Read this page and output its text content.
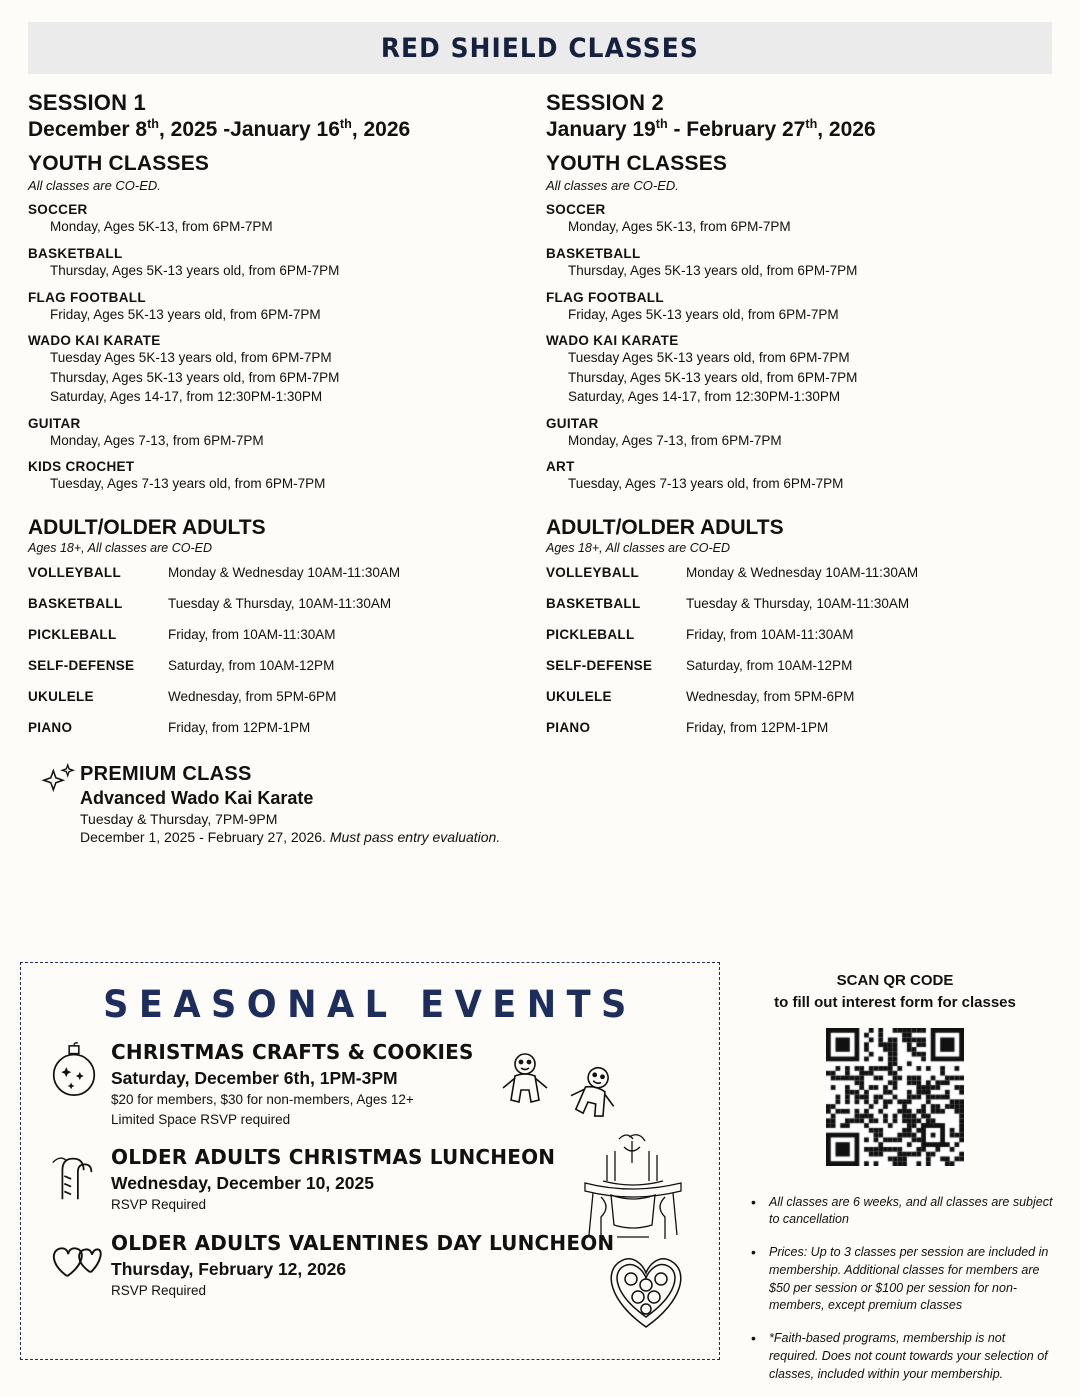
RED SHIELD CLASSES
SESSION 1
December 8th, 2025 -January 16th, 2026
YOUTH CLASSES
All classes are CO-ED.
SOCCER
Monday, Ages 5K-13, from 6PM-7PM
BASKETBALL
Thursday, Ages 5K-13 years old, from 6PM-7PM
FLAG FOOTBALL
Friday, Ages 5K-13 years old, from 6PM-7PM
WADO KAI KARATE
Tuesday Ages 5K-13 years old, from 6PM-7PM
Thursday, Ages 5K-13 years old, from 6PM-7PM
Saturday, Ages 14-17, from 12:30PM-1:30PM
GUITAR
Monday, Ages 7-13, from 6PM-7PM
KIDS CROCHET
Tuesday, Ages 7-13 years old, from 6PM-7PM
ADULT/OLDER ADULTS
Ages 18+, All classes are CO-ED
VOLLEYBALL	Monday & Wednesday 10AM-11:30AM
BASKETBALL	Tuesday & Thursday, 10AM-11:30AM
PICKLEBALL	Friday, from 10AM-11:30AM
SELF-DEFENSE	Saturday, from 10AM-12PM
UKULELE	Wednesday, from 5PM-6PM
PIANO	Friday, from 12PM-1PM
SESSION 2
January 19th - February 27th, 2026
YOUTH CLASSES
All classes are CO-ED.
SOCCER
Monday, Ages 5K-13, from 6PM-7PM
BASKETBALL
Thursday, Ages 5K-13 years old, from 6PM-7PM
FLAG FOOTBALL
Friday, Ages 5K-13 years old, from 6PM-7PM
WADO KAI KARATE
Tuesday Ages 5K-13 years old, from 6PM-7PM
Thursday, Ages 5K-13 years old, from 6PM-7PM
Saturday, Ages 14-17, from 12:30PM-1:30PM
GUITAR
Monday, Ages 7-13, from 6PM-7PM
ART
Tuesday, Ages 7-13 years old, from 6PM-7PM
ADULT/OLDER ADULTS
Ages 18+, All classes are CO-ED
VOLLEYBALL	Monday & Wednesday 10AM-11:30AM
BASKETBALL	Tuesday & Thursday, 10AM-11:30AM
PICKLEBALL	Friday, from 10AM-11:30AM
SELF-DEFENSE	Saturday, from 10AM-12PM
UKULELE	Wednesday, from 5PM-6PM
PIANO	Friday, from 12PM-1PM
PREMIUM CLASS
Advanced Wado Kai Karate
Tuesday & Thursday, 7PM-9PM
December 1, 2025 - February 27, 2026. Must pass entry evaluation.
SEASONAL EVENTS
CHRISTMAS CRAFTS & COOKIES
Saturday, December 6th, 1PM-3PM
$20 for members, $30 for non-members, Ages 12+
Limited Space RSVP required
OLDER ADULTS CHRISTMAS LUNCHEON
Wednesday, December 10, 2025
RSVP Required
OLDER ADULTS VALENTINES DAY LUNCHEON
Thursday, February 12, 2026
RSVP Required
SCAN QR CODE
to fill out interest form for classes
• All classes are 6 weeks, and all classes are subject to cancellation
• Prices: Up to 3 classes per session are included in membership. Additional classes for members are $50 per session or $100 per session for non-members, except premium classes
• *Faith-based programs, membership is not required. Does not count towards your selection of classes, included within your membership.
